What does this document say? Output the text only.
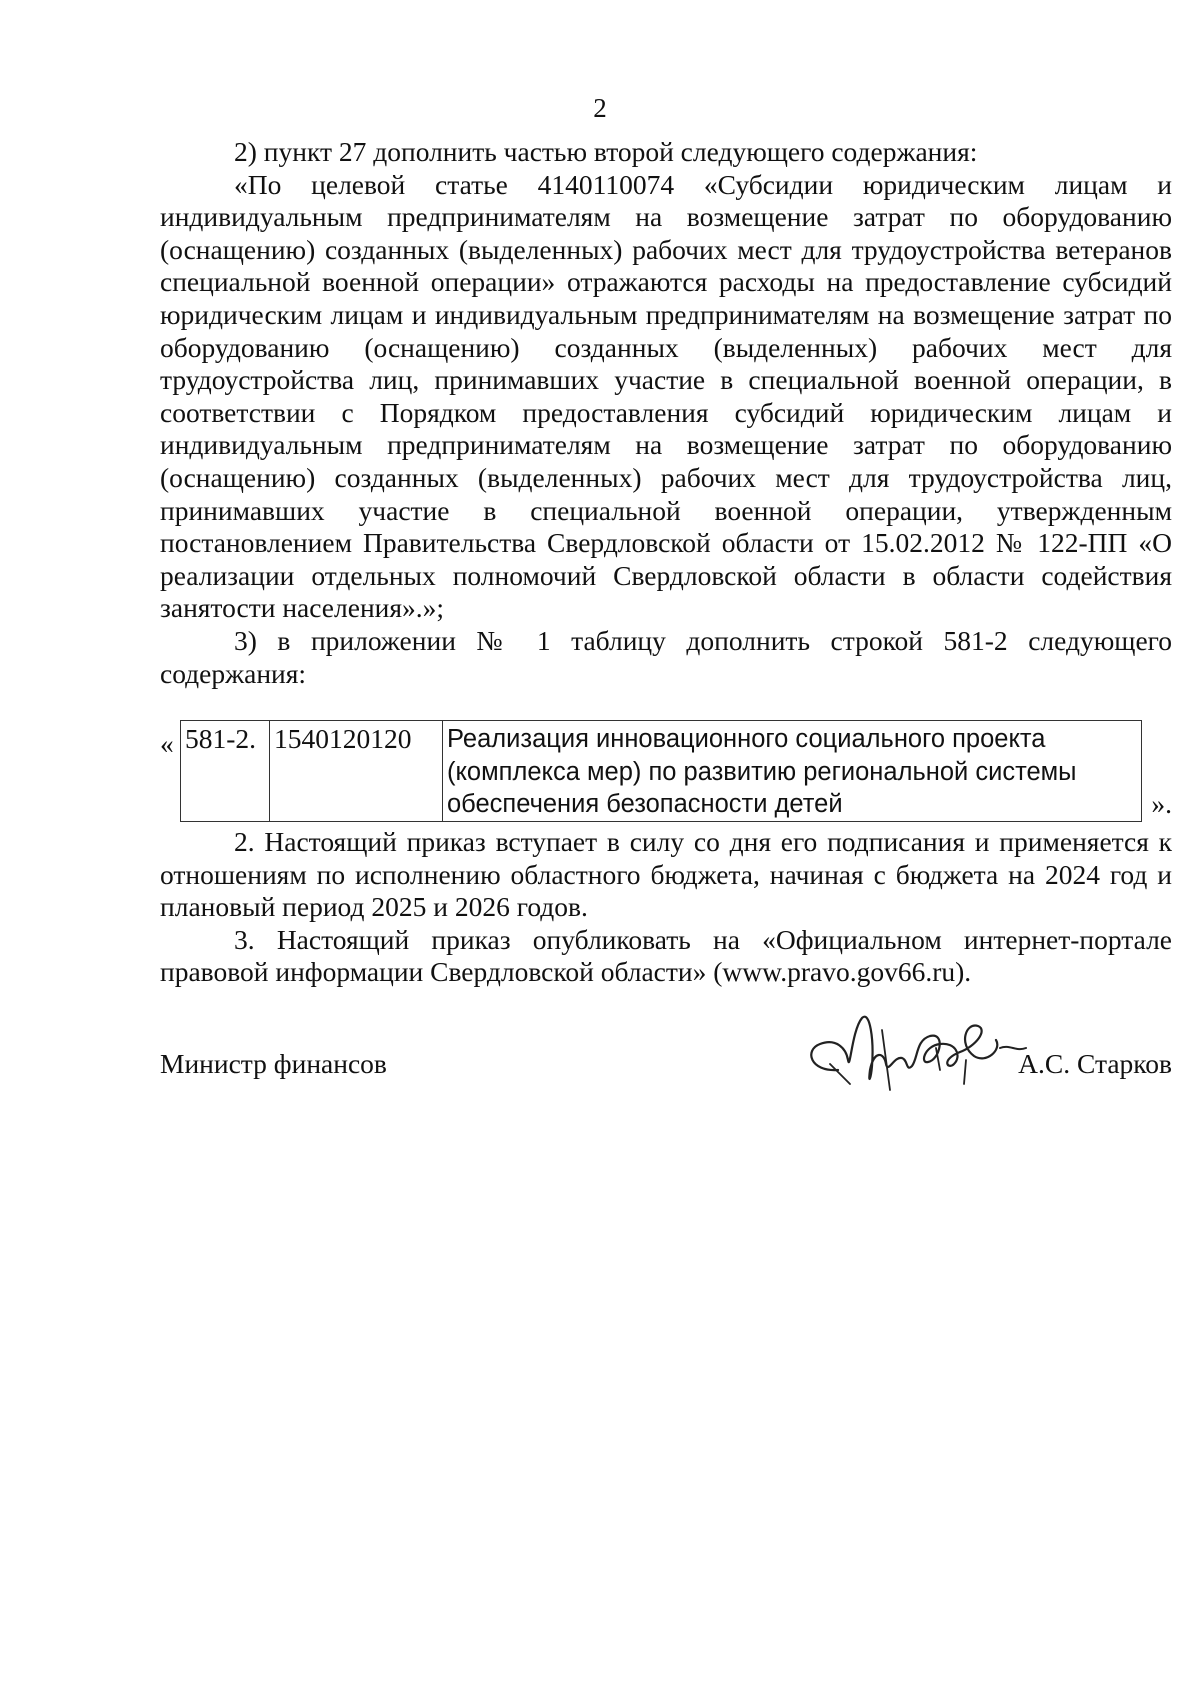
2

2) пункт 27 дополнить частью второй следующего содержания:

«По целевой статье 4140110074 «Субсидии юридическим лицам и индивидуальным предпринимателям на возмещение затрат по оборудованию (оснащению) созданных (выделенных) рабочих мест для трудоустройства ветеранов специальной военной операции» отражаются расходы на предоставление субсидий юридическим лицам и индивидуальным предпринимателям на возмещение затрат по оборудованию (оснащению) созданных (выделенных) рабочих мест для трудоустройства лиц, принимавших участие в специальной военной операции, в соответствии с Порядком предоставления субсидий юридическим лицам и индивидуальным предпринимателям на возмещение затрат по оборудованию (оснащению) созданных (выделенных) рабочих мест для трудоустройства лиц, принимавших участие в специальной военной операции, утвержденным постановлением Правительства Свердловской области от 15.02.2012 № 122-ПП «О реализации отдельных полномочий Свердловской области в области содействия занятости населения».»;

3) в приложении № 1 таблицу дополнить строкой 581-2 следующего содержания:

« 581-2.	1540120120	Реализация инновационного социального проекта
(комплекса мер) по развитию региональной системы
обеспечения безопасности детей	».

2. Настоящий приказ вступает в силу со дня его подписания и применяется к отношениям по исполнению областного бюджета, начиная с бюджета на 2024 год и плановый период 2025 и 2026 годов.

3. Настоящий приказ опубликовать на «Официальном интернет-портале правовой информации Свердловской области» (www.pravo.gov66.ru).

Министр финансов	А.С. Старков
